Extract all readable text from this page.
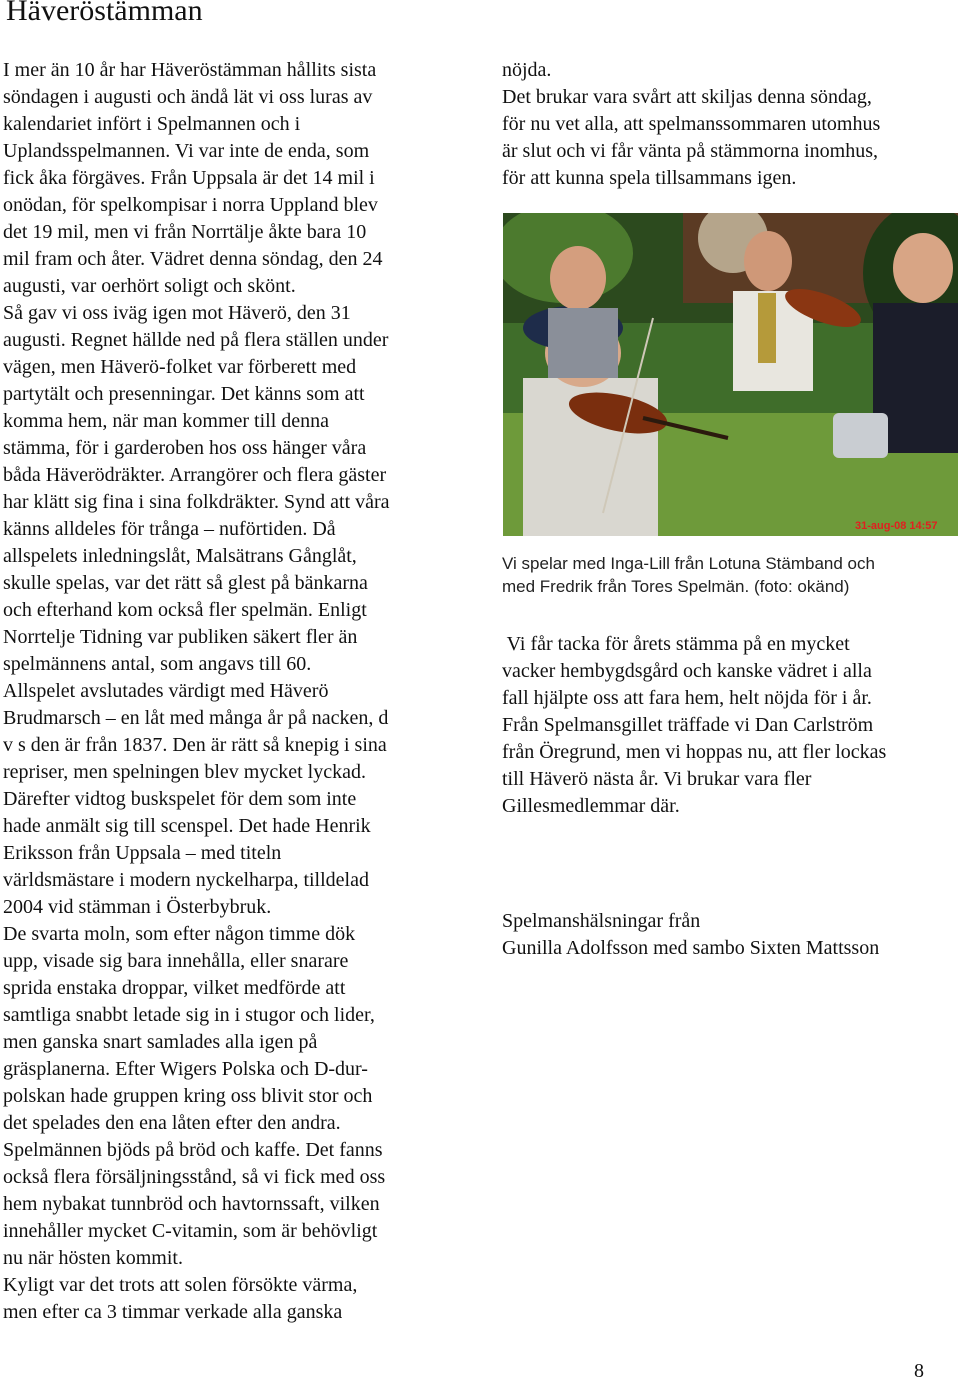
Häveröstämman

I mer än 10 år har Häveröstämman hållits sista

söndagen i augusti och ändå lät vi oss luras av

kalendariet infört i Spelmannen och i

Uplandsspelmannen. Vi var inte de enda, som

fick åka förgäves. Från Uppsala är det 14 mil i

onödan, för spelkompisar i norra Uppland blev

det 19 mil, men vi från Norrtälje åkte bara 10

mil fram och åter. Vädret denna söndag, den 24

augusti, var oerhört soligt och skönt.

Så gav vi oss iväg igen mot Häverö, den 31

augusti. Regnet hällde ned på flera ställen under

vägen, men Häverö-folket var förberett med

partytält och presenningar. Det känns som att

komma hem, när man kommer till denna

stämma, för i garderoben hos oss hänger våra

båda Häverödräkter. Arrangörer och flera gäster

har klätt sig fina i sina folkdräkter. Synd att våra

känns alldeles för trånga – nuförtiden. Då

allspelets inledningslåt, Malsätrans Gånglåt,

skulle spelas, var det rätt så glest på bänkarna

och efterhand kom också fler spelmän. Enligt

Norrtelje Tidning var publiken säkert fler än

spelmännens antal, som angavs till 60.

Allspelet avslutades värdigt med Häverö

Brudmarsch – en låt med många år på nacken, d

v s den är från 1837. Den är rätt så knepig i sina

repriser, men spelningen blev mycket lyckad.

Därefter vidtog buskspelet för dem som inte

hade anmält sig till scenspel. Det hade Henrik

Eriksson från Uppsala – med titeln

världsmästare i modern nyckelharpa, tilldelad

2004 vid stämman i Österbybruk.

De svarta moln, som efter någon timme dök

upp, visade sig bara innehålla, eller snarare

sprida enstaka droppar, vilket medförde att

samtliga snabbt letade sig in i stugor och lider,

men ganska snart samlades alla igen på

gräsplanerna. Efter Wigers Polska och D-dur-

polskan hade gruppen kring oss blivit stor och

det spelades den ena låten efter den andra.

Spelmännen bjöds på bröd och kaffe. Det fanns

också flera försäljningsstånd, så vi fick med oss

hem nybakat tunnbröd och havtornssaft, vilken

innehåller mycket C-vitamin, som är behövligt

nu när hösten kommit.

Kyligt var det trots att solen försökte värma,

men efter ca 3 timmar verkade alla ganska

nöjda.

Det brukar vara svårt att skiljas denna söndag,

för nu vet alla, att spelmanssommaren utomhus

är slut och vi får vänta på stämmorna inomhus,

för att kunna spela tillsammans igen.

31-aug-08 14:57
Vi spelar med Inga-Lill från Lotuna Stämband och
med Fredrik från Tores Spelmän. (foto: okänd)

Vi får tacka för årets stämma på en mycket

vacker hembygdsgård och kanske vädret i alla

fall hjälpte oss att fara hem, helt nöjda för i år.

Från Spelmansgillet träffade vi Dan Carlström

från Öregrund, men vi hoppas nu, att fler lockas

till Häverö nästa år. Vi brukar vara fler

Gillesmedlemmar där.

Spelmanshälsningar från

Gunilla Adolfsson med sambo Sixten Mattsson

8
